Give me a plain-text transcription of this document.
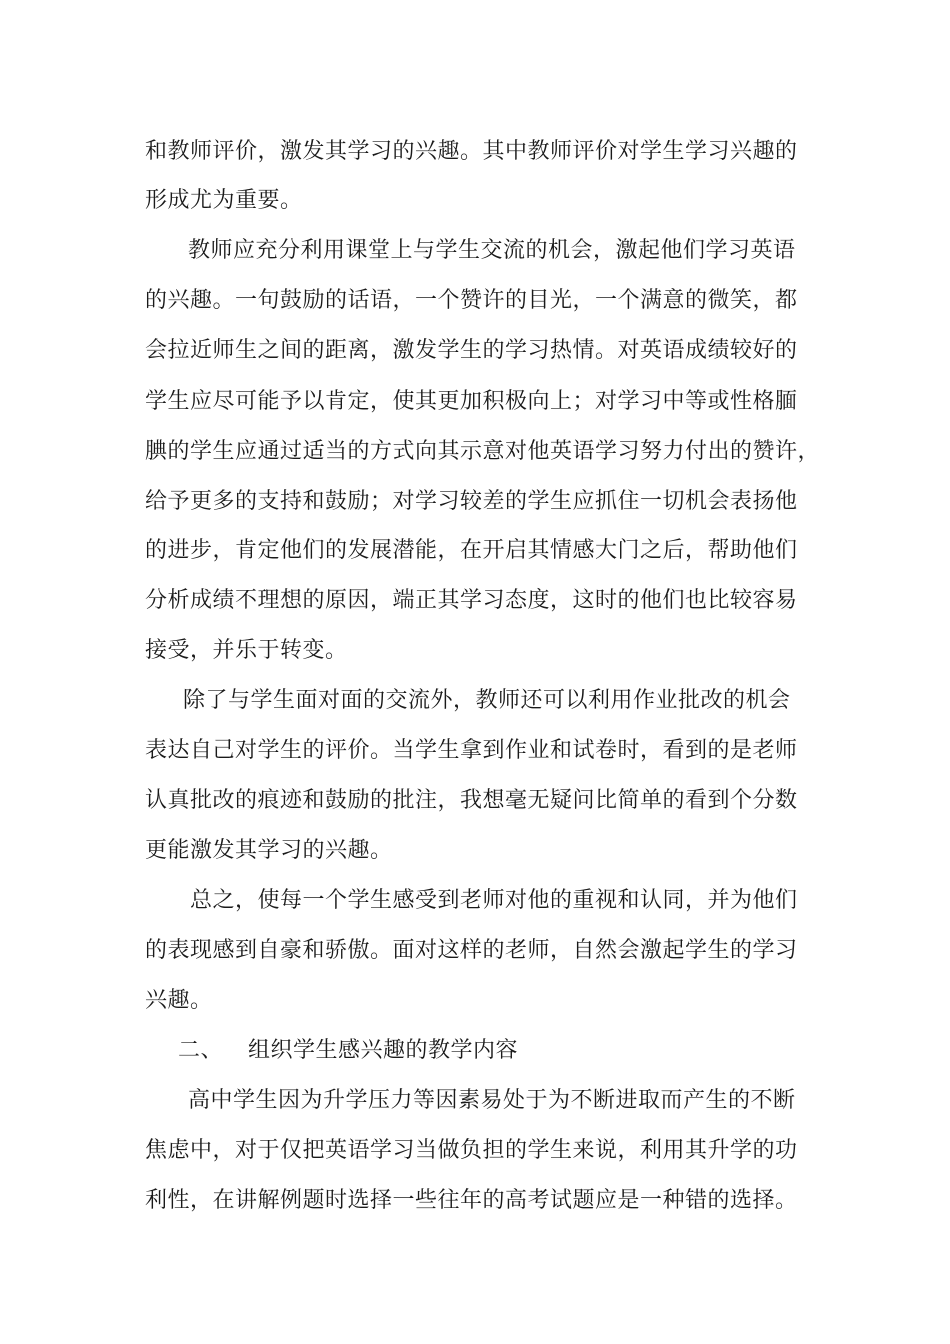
和教师评价，激发其学习的兴趣。其中教师评价对学生学习兴趣的
形成尤为重要。
教师应充分利用课堂上与学生交流的机会，激起他们学习英语
的兴趣。一句鼓励的话语，一个赞许的目光，一个满意的微笑，都
会拉近师生之间的距离，激发学生的学习热情。对英语成绩较好的
学生应尽可能予以肯定，使其更加积极向上；对学习中等或性格腼
腆的学生应通过适当的方式向其示意对他英语学习努力付出的赞许，
给予更多的支持和鼓励；对学习较差的学生应抓住一切机会表扬他
的进步，肯定他们的发展潜能，在开启其情感大门之后，帮助他们
分析成绩不理想的原因，端正其学习态度，这时的他们也比较容易
接受，并乐于转变。
除了与学生面对面的交流外，教师还可以利用作业批改的机会
表达自己对学生的评价。当学生拿到作业和试卷时，看到的是老师
认真批改的痕迹和鼓励的批注，我想毫无疑问比简单的看到个分数
更能激发其学习的兴趣。
总之，使每一个学生感受到老师对他的重视和认同，并为他们
的表现感到自豪和骄傲。面对这样的老师，自然会激起学生的学习
兴趣。
二、 组织学生感兴趣的教学内容
高中学生因为升学压力等因素易处于为不断进取而产生的不断
焦虑中，对于仅把英语学习当做负担的学生来说，利用其升学的功
利性，在讲解例题时选择一些往年的高考试题应是一种错的选择。
